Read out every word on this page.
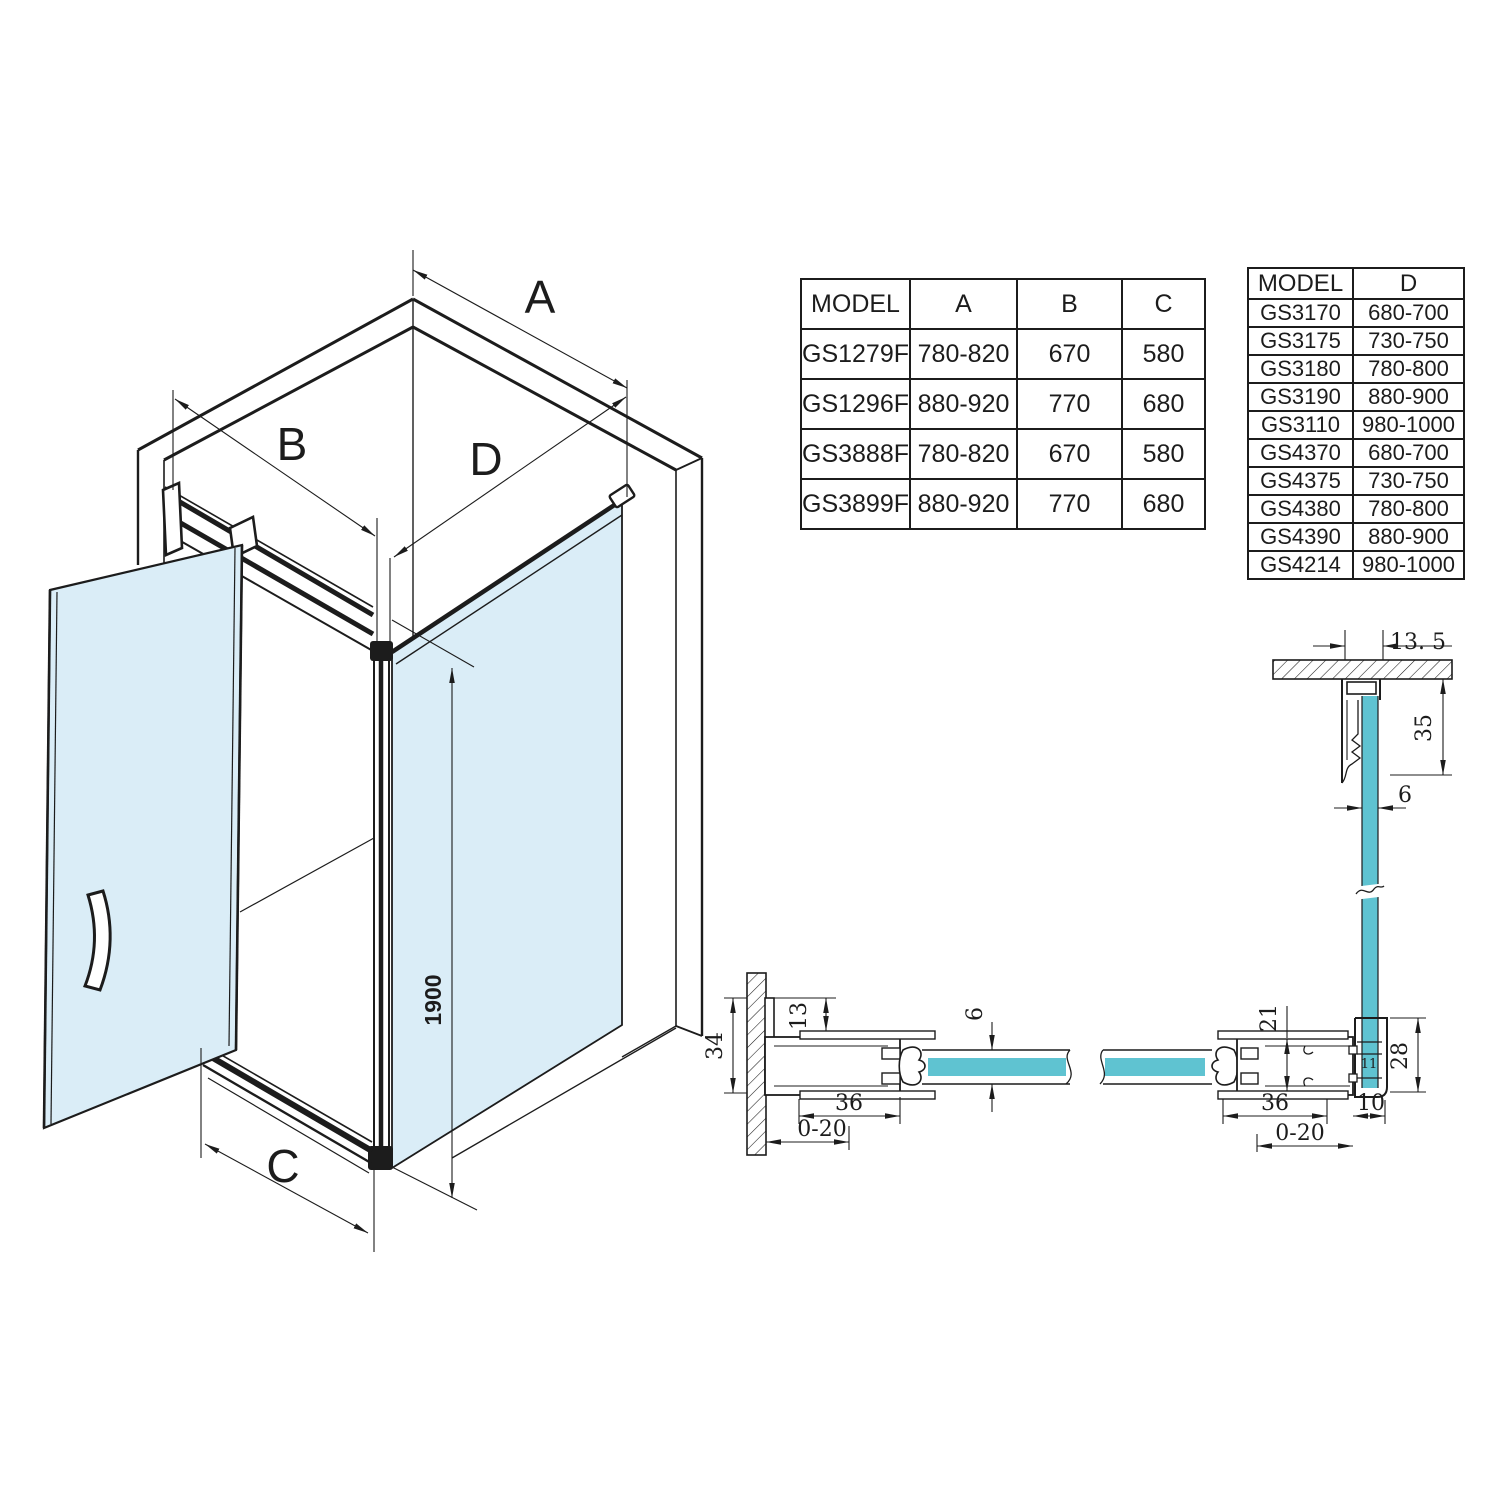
A
B	D
C
1900
34
13	6
36
0-20
13. 5
35
6
11
21
28
36	10
0-20
MODEL	A	B	C
GS1279F	780-820	670	580
GS1296F	880-920	770	680
GS3888F	780-820	670	580
GS3899F	880-920	770	680
MODEL	D
GS3170	680-700
GS3175	730-750
GS3180	780-800
GS3190	880-900
GS3110	980-1000
GS4370	680-700
GS4375	730-750
GS4380	780-800
GS4390	880-900
GS4214	980-1000
